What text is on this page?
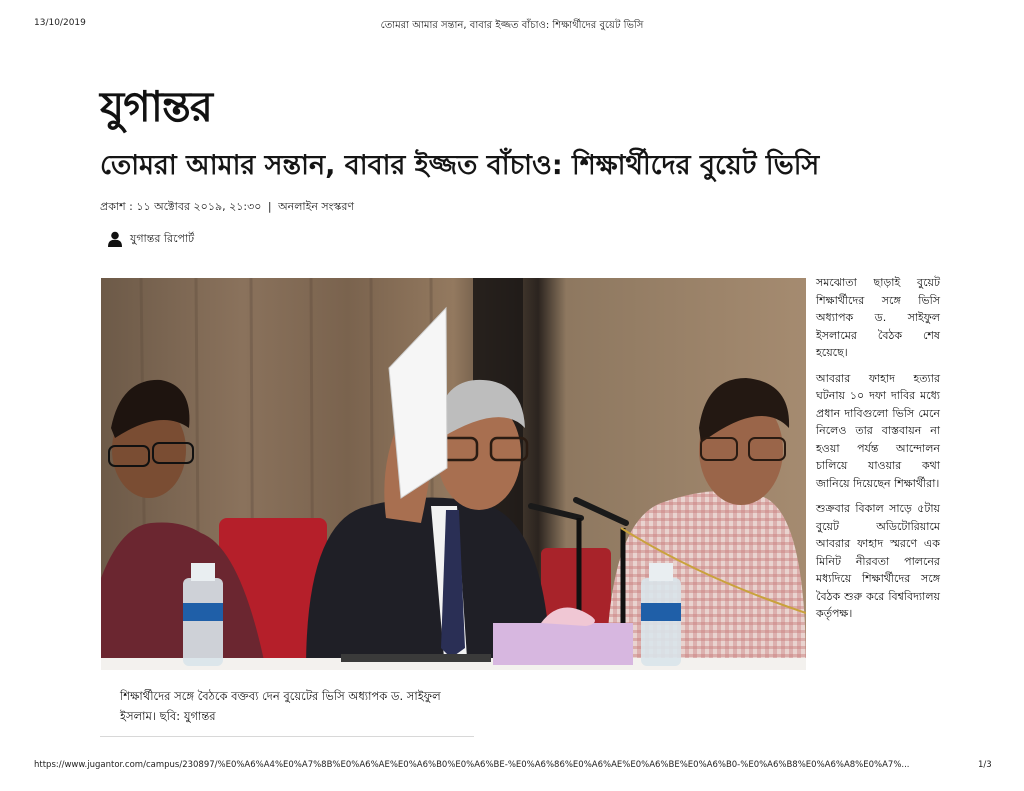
13/10/2019	তোমরা আমার সন্তান, বাবার ইজ্জত বাঁচাও: শিক্ষার্থীদের বুয়েট ভিসি
যুগান্তর
তোমরা আমার সন্তান, বাবার ইজ্জত বাঁচাও: শিক্ষার্থীদের বুয়েট ভিসি
প্রকাশ : ১১ অক্টোবর ২০১৯, ২১:৩০ | অনলাইন সংস্করণ
যুগান্তর রিপোর্ট
শিক্ষার্থীদের সঙ্গে বৈঠকে বক্তব্য দেন বুয়েটের ভিসি অধ্যাপক ড. সাইফুল ইসলাম। ছবি: যুগান্তর

সমঝোতা ছাড়াই বুয়েট শিক্ষার্থীদের সঙ্গে ভিসি অধ্যাপক ড. সাইফুল ইসলামের বৈঠক শেষ হয়েছে।

আবরার ফাহাদ হত্যার ঘটনায় ১০ দফা দাবির মধ্যে প্রধান দাবিগুলো ভিসি মেনে নিলেও তার বাস্তবায়ন না হওয়া পর্যন্ত আন্দোলন চালিয়ে যাওয়ার কথা জানিয়ে দিয়েছেন শিক্ষার্থীরা।

শুক্রবার বিকাল সাড়ে ৫টায় বুয়েট অডিটোরিয়ামে আবরার ফাহাদ স্মরণে এক মিনিট নীরবতা পালনের মধ্যদিয়ে শিক্ষার্থীদের সঙ্গে বৈঠক শুরু করে বিশ্ববিদ্যালয় কর্তৃপক্ষ।

https://www.jugantor.com/campus/230897/%E0%A6%A4%E0%A7%8B%E0%A6%AE%E0%A6%B0%E0%A6%BE-%E0%A6%86%E0%A6%AE%E0%A6%BE%E0%A6%B0-%E0%A6%B8%E0%A6%A8%E0%A7%...	1/3
